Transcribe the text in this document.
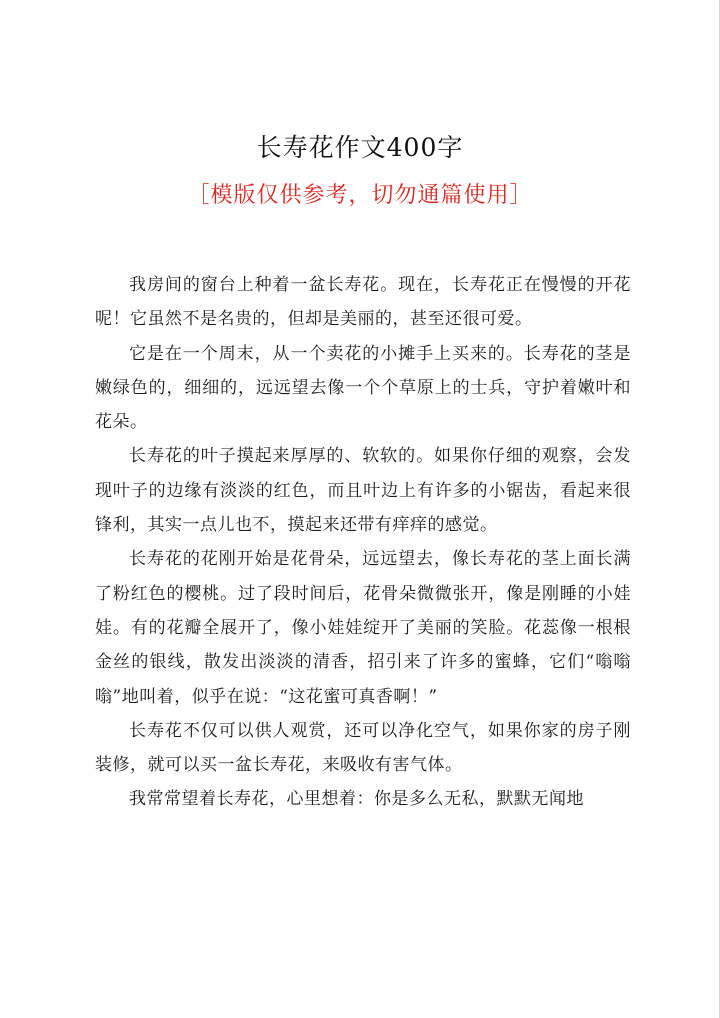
长寿花作文400字
［模版仅供参考，切勿通篇使用］

我房间的窗台上种着一盆长寿花。现在，长寿花正在慢慢的开花呢！它虽然不是名贵的，但却是美丽的，甚至还很可爱。

它是在一个周末，从一个卖花的小摊手上买来的。长寿花的茎是嫩绿色的，细细的，远远望去像一个个草原上的士兵，守护着嫩叶和花朵。

长寿花的叶子摸起来厚厚的、软软的。如果你仔细的观察，会发现叶子的边缘有淡淡的红色，而且叶边上有许多的小锯齿，看起来很锋利，其实一点儿也不，摸起来还带有痒痒的感觉。

长寿花的花刚开始是花骨朵，远远望去，像长寿花的茎上面长满了粉红色的樱桃。过了段时间后，花骨朵微微张开，像是刚睡的小娃娃。有的花瓣全展开了，像小娃娃绽开了美丽的笑脸。花蕊像一根根金丝的银线，散发出淡淡的清香，招引来了许多的蜜蜂，它们“嗡嗡嗡”地叫着，似乎在说：“这花蜜可真香啊！”

长寿花不仅可以供人观赏，还可以净化空气，如果你家的房子刚装修，就可以买一盆长寿花，来吸收有害气体。

我常常望着长寿花，心里想着：你是多么无私，默默无闻地
